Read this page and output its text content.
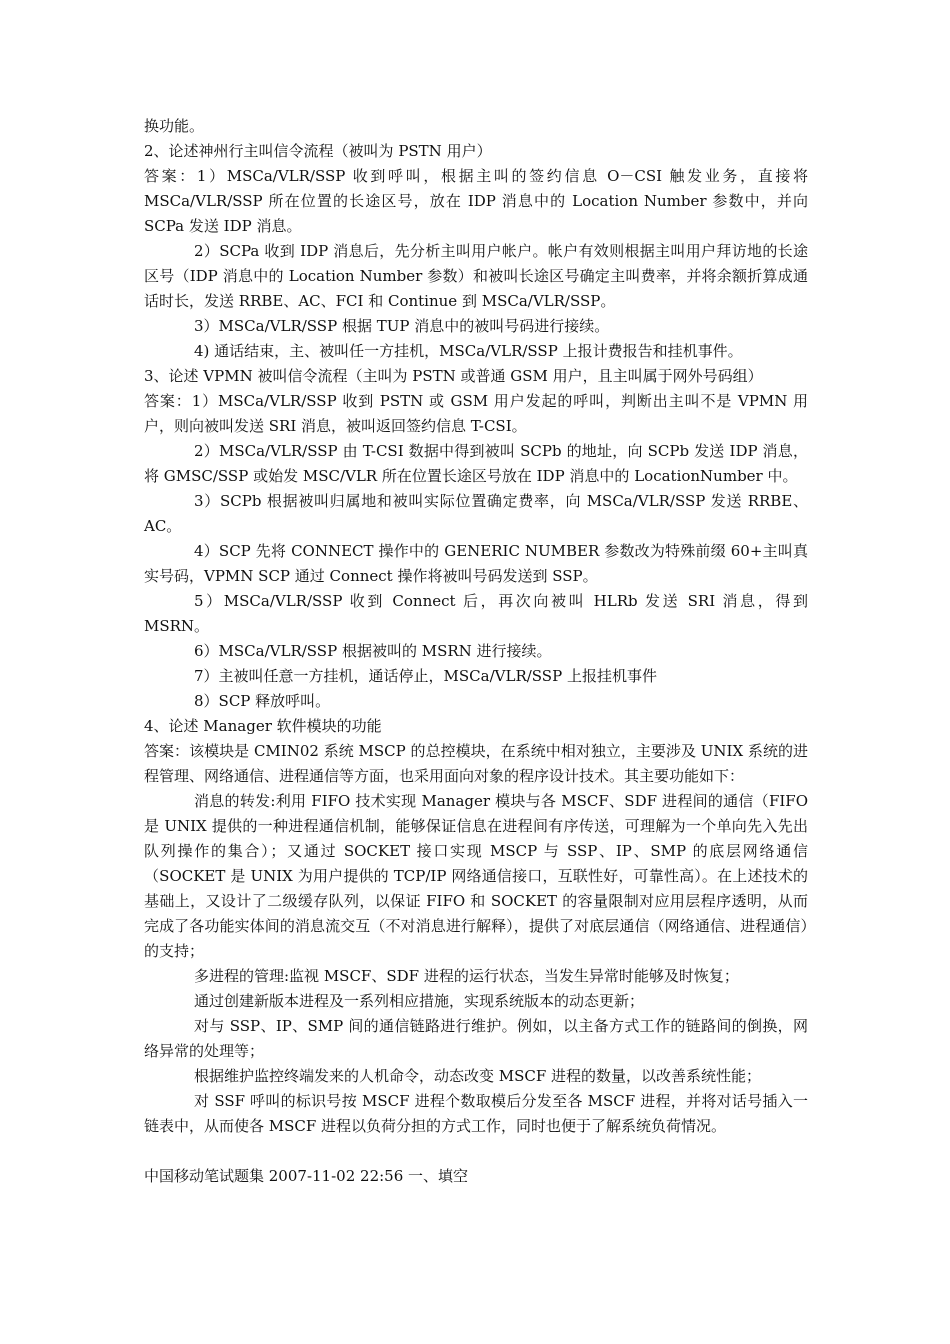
换功能。

2、论述神州行主叫信令流程（被叫为 PSTN 用户）

答案：1）MSCa/VLR/SSP 收到呼叫，根据主叫的签约信息 O－CSI 触发业务，直接将MSCa/VLR/SSP 所在位置的长途区号，放在 IDP 消息中的 Location Number 参数中，并向 SCPa 发送 IDP 消息。

2）SCPa 收到 IDP 消息后，先分析主叫用户帐户。帐户有效则根据主叫用户拜访地的长途区号（IDP 消息中的 Location Number 参数）和被叫长途区号确定主叫费率，并将余额折算成通话时长，发送 RRBE、AC、FCI 和 Continue 到 MSCa/VLR/SSP。

3）MSCa/VLR/SSP 根据 TUP 消息中的被叫号码进行接续。

4) 通话结束，主、被叫任一方挂机，MSCa/VLR/SSP 上报计费报告和挂机事件。

3、论述 VPMN 被叫信令流程（主叫为 PSTN 或普通 GSM 用户，且主叫属于网外号码组）

答案：1）MSCa/VLR/SSP 收到 PSTN 或 GSM 用户发起的呼叫，判断出主叫不是 VPMN 用户，则向被叫发送 SRI 消息，被叫返回签约信息 T-CSI。

2）MSCa/VLR/SSP 由 T-CSI 数据中得到被叫 SCPb 的地址，向 SCPb 发送 IDP 消息，将 GMSC/SSP 或始发 MSC/VLR 所在位置长途区号放在 IDP 消息中的 LocationNumber 中。

3）SCPb 根据被叫归属地和被叫实际位置确定费率，向 MSCa/VLR/SSP 发送 RRBE、AC。

4）SCP 先将 CONNECT 操作中的 GENERIC NUMBER 参数改为特殊前缀 60+主叫真实号码，VPMN SCP 通过 Connect 操作将被叫号码发送到 SSP。

5）MSCa/VLR/SSP 收到 Connect 后，再次向被叫 HLRb 发送 SRI 消息，得到 MSRN。

6）MSCa/VLR/SSP 根据被叫的 MSRN 进行接续。

7）主被叫任意一方挂机，通话停止，MSCa/VLR/SSP 上报挂机事件

8）SCP 释放呼叫。

4、论述 Manager 软件模块的功能

答案：该模块是 CMIN02 系统 MSCP 的总控模块，在系统中相对独立，主要涉及 UNIX 系统的进程管理、网络通信、进程通信等方面，也采用面向对象的程序设计技术。其主要功能如下：

消息的转发:利用 FIFO 技术实现 Manager 模块与各 MSCF、SDF 进程间的通信（FIFO 是 UNIX 提供的一种进程通信机制，能够保证信息在进程间有序传送，可理解为一个单向先入先出队列操作的集合）；又通过 SOCKET 接口实现 MSCP 与 SSP、IP、SMP 的底层网络通信（SOCKET 是 UNIX 为用户提供的 TCP/IP 网络通信接口，互联性好，可靠性高）。在上述技术的基础上，又设计了二级缓存队列，以保证 FIFO 和 SOCKET 的容量限制对应用层程序透明，从而完成了各功能实体间的消息流交互（不对消息进行解释），提供了对底层通信（网络通信、进程通信）的支持；

多进程的管理:监视 MSCF、SDF 进程的运行状态，当发生异常时能够及时恢复；

通过创建新版本进程及一系列相应措施，实现系统版本的动态更新；

对与 SSP、IP、SMP 间的通信链路进行维护。例如，以主备方式工作的链路间的倒换，网络异常的处理等；

根据维护监控终端发来的人机命令，动态改变 MSCF 进程的数量，以改善系统性能；

对 SSF 呼叫的标识号按 MSCF 进程个数取模后分发至各 MSCF 进程，并将对话号插入一链表中，从而使各 MSCF 进程以负荷分担的方式工作，同时也便于了解系统负荷情况。

中国移动笔试题集 2007-11-02 22:56 一、填空
